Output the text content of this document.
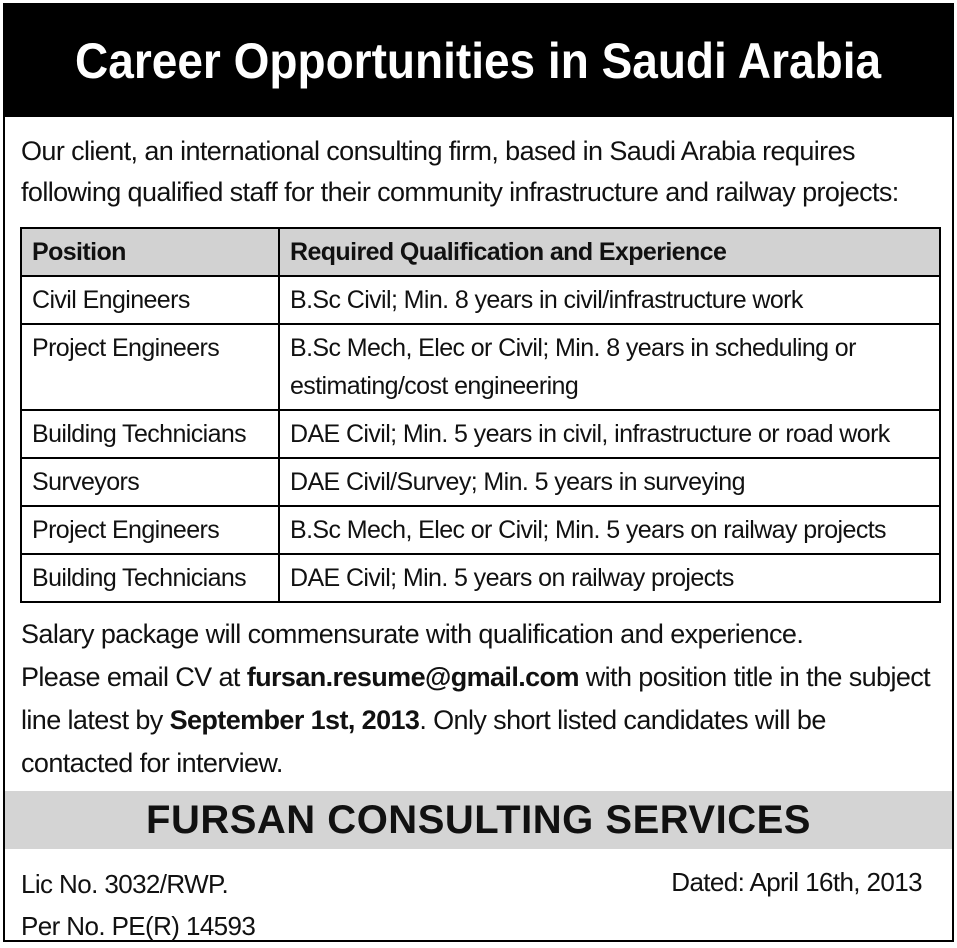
Career Opportunities in Saudi Arabia

Our client, an international consulting firm, based in Saudi Arabia requires

following qualified staff for their community infrastructure and railway projects:

Position	Required Qualification and Experience
Civil Engineers	B.Sc Civil; Min. 8 years in civil/infrastructure work
Project Engineers	B.Sc Mech, Elec or Civil; Min. 8 years in scheduling or estimating/cost engineering
Building Technicians	DAE Civil; Min. 5 years in civil, infrastructure or road work
Surveyors	DAE Civil/Survey; Min. 5 years in surveying
Project Engineers	B.Sc Mech, Elec or Civil; Min. 5 years on railway projects
Building Technicians	DAE Civil; Min. 5 years on railway projects

Salary package will commensurate with qualification and experience.

Please email CV at fursan.resume@gmail.com with position title in the subject line latest by September 1st, 2013. Only short listed candidates will be contacted for interview.

FURSAN CONSULTING SERVICES
Lic No. 3032/RWP.
Per No. PE(R) 14593
Dated: April 16th, 2013
